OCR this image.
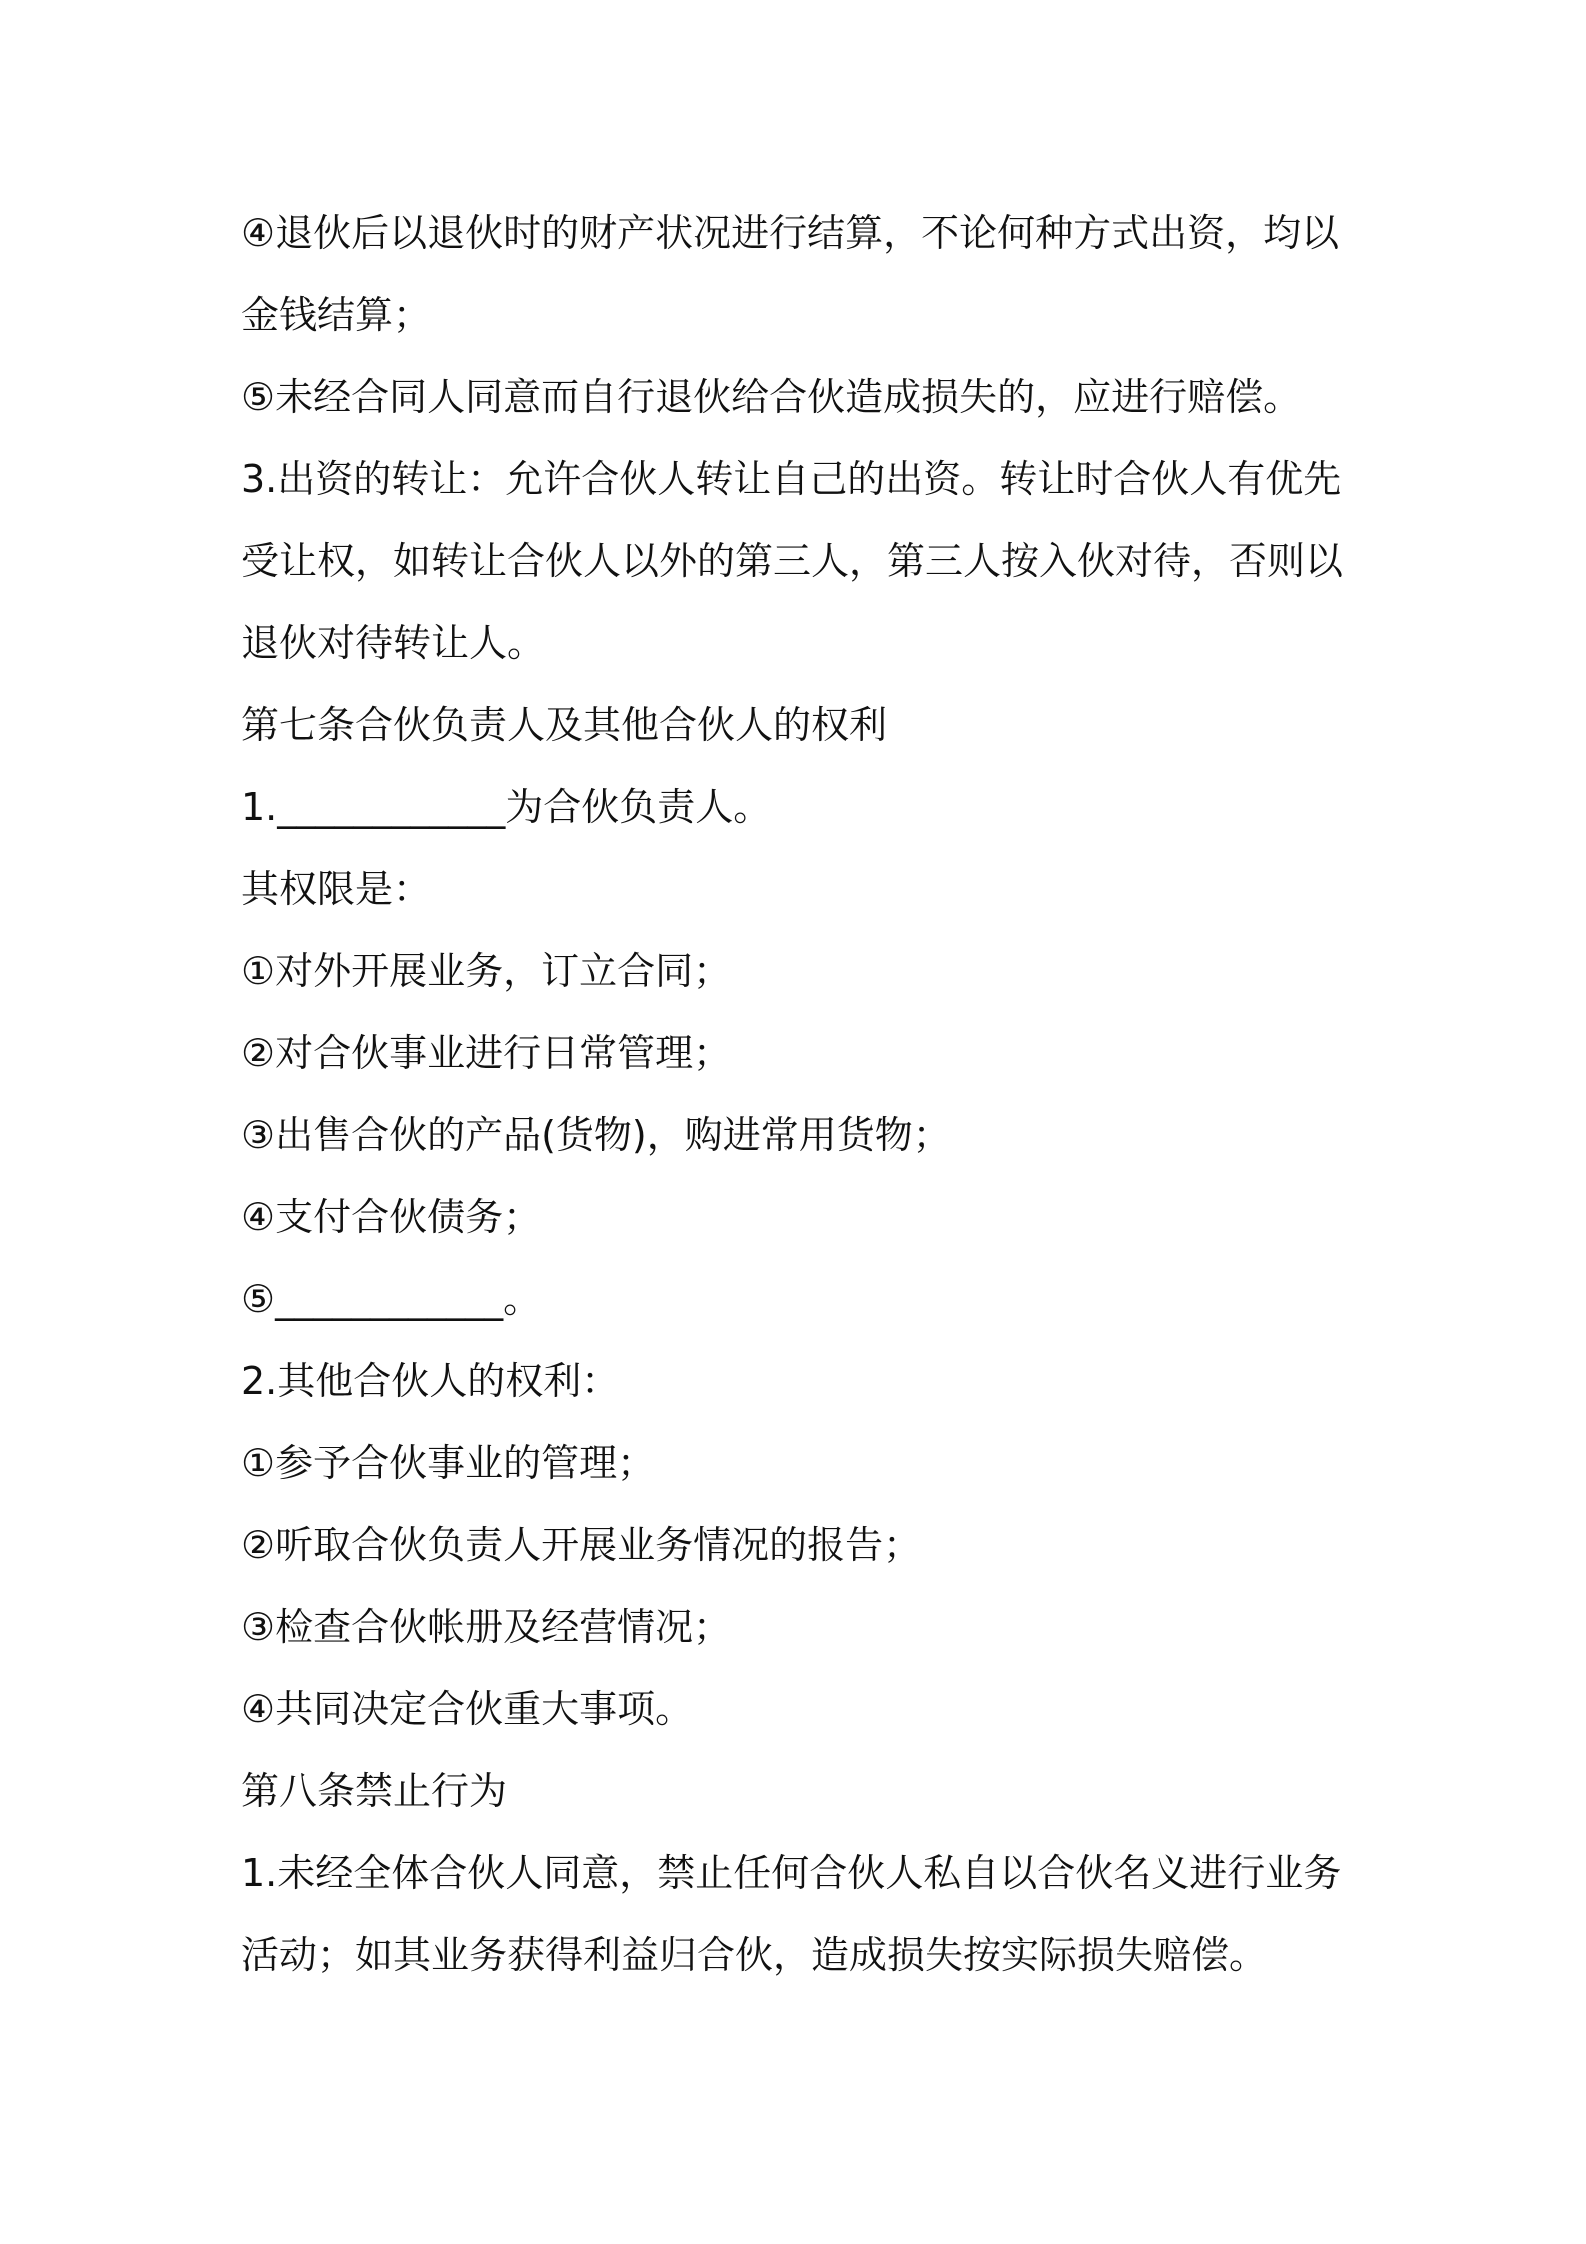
④退伙后以退伙时的财产状况进行结算，不论何种方式出资，均以金钱结算；

⑤未经合同人同意而自行退伙给合伙造成损失的，应进行赔偿。

3.出资的转让：允许合伙人转让自己的出资。转让时合伙人有优先受让权，如转让合伙人以外的第三人，第三人按入伙对待，否则以退伙对待转让人。

第七条合伙负责人及其他合伙人的权利

1.____________为合伙负责人。

其权限是：

①对外开展业务，订立合同；

②对合伙事业进行日常管理；

③出售合伙的产品(货物)，购进常用货物；

④支付合伙债务；

⑤____________。

2.其他合伙人的权利：

①参予合伙事业的管理；

②听取合伙负责人开展业务情况的报告；

③检查合伙帐册及经营情况；

④共同决定合伙重大事项。

第八条禁止行为

1.未经全体合伙人同意，禁止任何合伙人私自以合伙名义进行业务活动；如其业务获得利益归合伙，造成损失按实际损失赔偿。
